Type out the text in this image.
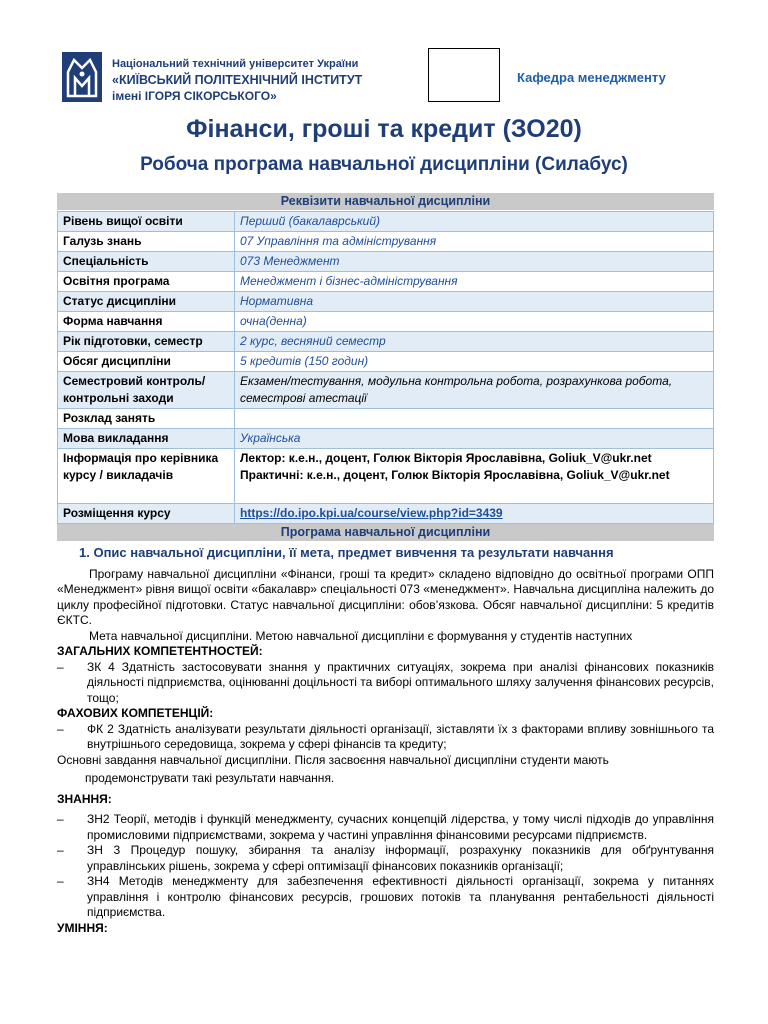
Національний технічний університет України
«КИЇВСЬКИЙ ПОЛІТЕХНІЧНИЙ ІНСТИТУТ
імені ІГОРЯ СІКОРСЬКОГО»
Кафедра менеджменту
Фінанси, гроші та кредит (ЗО20)
Робоча програма навчальної дисципліни (Силабус)
Реквізити навчальної дисципліни
Рівень вищої освіти	Перший (бакалаврський)
Галузь знань	07 Управління та адміністрування
Спеціальність	073 Менеджмент
Освітня програма	Менеджмент і бізнес-адміністрування
Статус дисципліни	Нормативна
Форма навчання	очна(денна)
Рік підготовки, семестр	2 курс, весняний семестр
Обсяг дисципліни	5 кредитів (150 годин)
Семестровий контроль/ контрольні заходи	Екзамен/тестування, модульна контрольна робота, розрахункова робота, семестрові атестації
Розклад занять	
Мова викладання	Українська
Інформація про керівника курсу / викладачів	Лектор: к.е.н., доцент, Голюк Вікторія Ярославівна, Goliuk_V@ukr.net
Практичні: к.е.н., доцент, Голюк Вікторія Ярославівна, Goliuk_V@ukr.net

Розміщення курсу	https://do.ipo.kpi.ua/course/view.php?id=3439
Програма навчальної дисципліни
1. Опис навчальної дисципліни, її мета, предмет вивчення та результати навчання
Програму навчальної дисципліни «Фінанси, гроші та кредит» складено відповідно до освітньої програми ОПП «Менеджмент» рівня вищої освіти «бакалавр» спеціальності 073 «менеджмент». Навчальна дисципліна належить до циклу професійної підготовки. Статус навчальної дисципліни: обов’язкова. Обсяг навчальної дисципліни: 5 кредитів ЄКТС.
Мета навчальної дисципліни. Метою навчальної дисципліни є формування у студентів наступних
ЗАГАЛЬНИХ КОМПЕТЕНТНОСТЕЙ:
– ЗК 4 Здатність застосовувати знання у практичних ситуаціях, зокрема при аналізі фінансових показників діяльності підприємства, оцінюванні доцільності та виборі оптимального шляху залучення фінансових ресурсів, тощо;
ФАХОВИХ КОМПЕТЕНЦІЙ:
– ФК 2 Здатність аналізувати результати діяльності організації, зіставляти їх з факторами впливу зовнішнього та внутрішнього середовища, зокрема у сфері фінансів та кредиту;
Основні завдання навчальної дисципліни. Після засвоєння навчальної дисципліни студенти мають
продемонструвати такі результати навчання.
ЗНАННЯ:
– ЗН2 Теорії, методів і функцій менеджменту, сучасних концепцій лідерства, у тому числі підходів до управління промисловими підприємствами, зокрема у частині управління фінансовими ресурсами підприємств.
– ЗН 3 Процедур пошуку, збирання та аналізу інформації, розрахунку показників для обґрунтування управлінських рішень, зокрема у сфері оптимізації фінансових показників організації;
– ЗН4 Методів менеджменту для забезпечення ефективності діяльності організації, зокрема у питаннях управління і контролю фінансових ресурсів, грошових потоків та планування рентабельності діяльності підприємства.
УМІННЯ:
